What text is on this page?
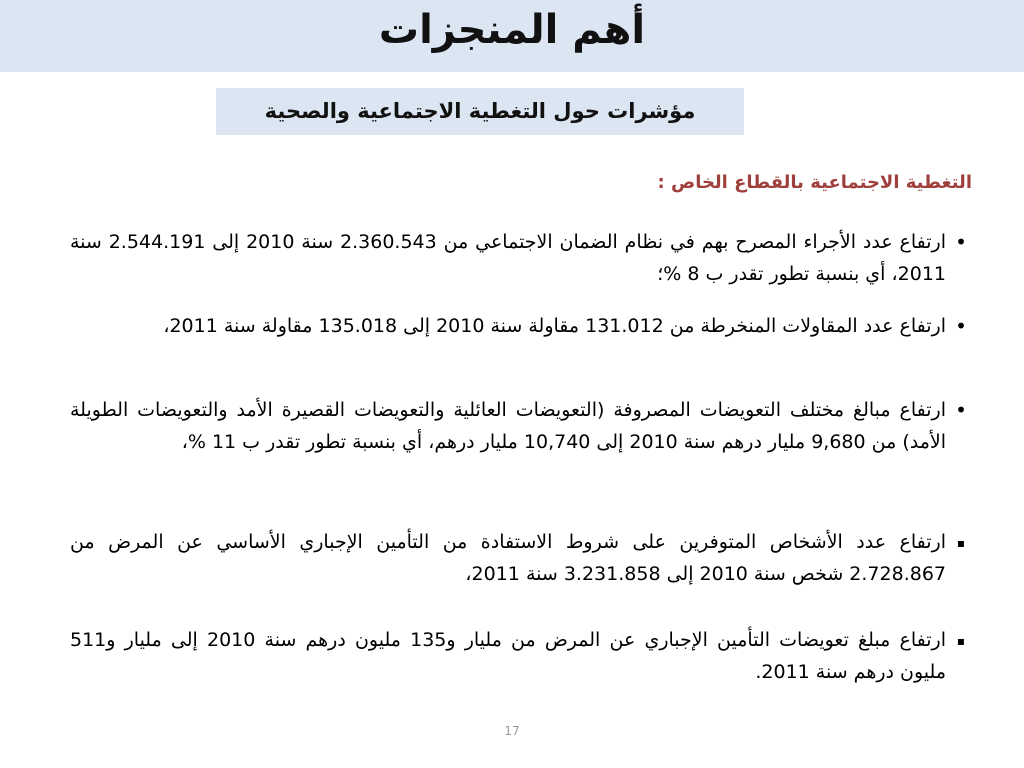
أهم المنجزات
مؤشرات حول التغطية الاجتماعية والصحية
التغطية الاجتماعية بالقطاع الخاص :
•
ارتفاع عدد الأجراء المصرح بهم في نظام الضمان الاجتماعي من 2.360.543 سنة 2010 إلى 2.544.191 سنة 2011، أي بنسبة تطور تقدر ب 8 %؛
•
ارتفاع عدد المقاولات المنخرطة من 131.012 مقاولة سنة 2010 إلى 135.018 مقاولة سنة 2011،
•
ارتفاع مبالغ مختلف التعويضات المصروفة (التعويضات العائلية والتعويضات القصيرة الأمد والتعويضات الطويلة الأمد) من 9,680 مليار درهم سنة 2010 إلى 10,740 مليار درهم، أي بنسبة تطور تقدر ب 11 %،
▪
ارتفاع عدد الأشخاص المتوفرين على شروط الاستفادة من التأمين الإجباري الأساسي عن المرض من 2.728.867 شخص سنة 2010 إلى 3.231.858 سنة 2011،
▪
ارتفاع مبلغ تعويضات التأمين الإجباري عن المرض من مليار و135 مليون درهم سنة 2010 إلى مليار و511 مليون درهم سنة 2011.
17
